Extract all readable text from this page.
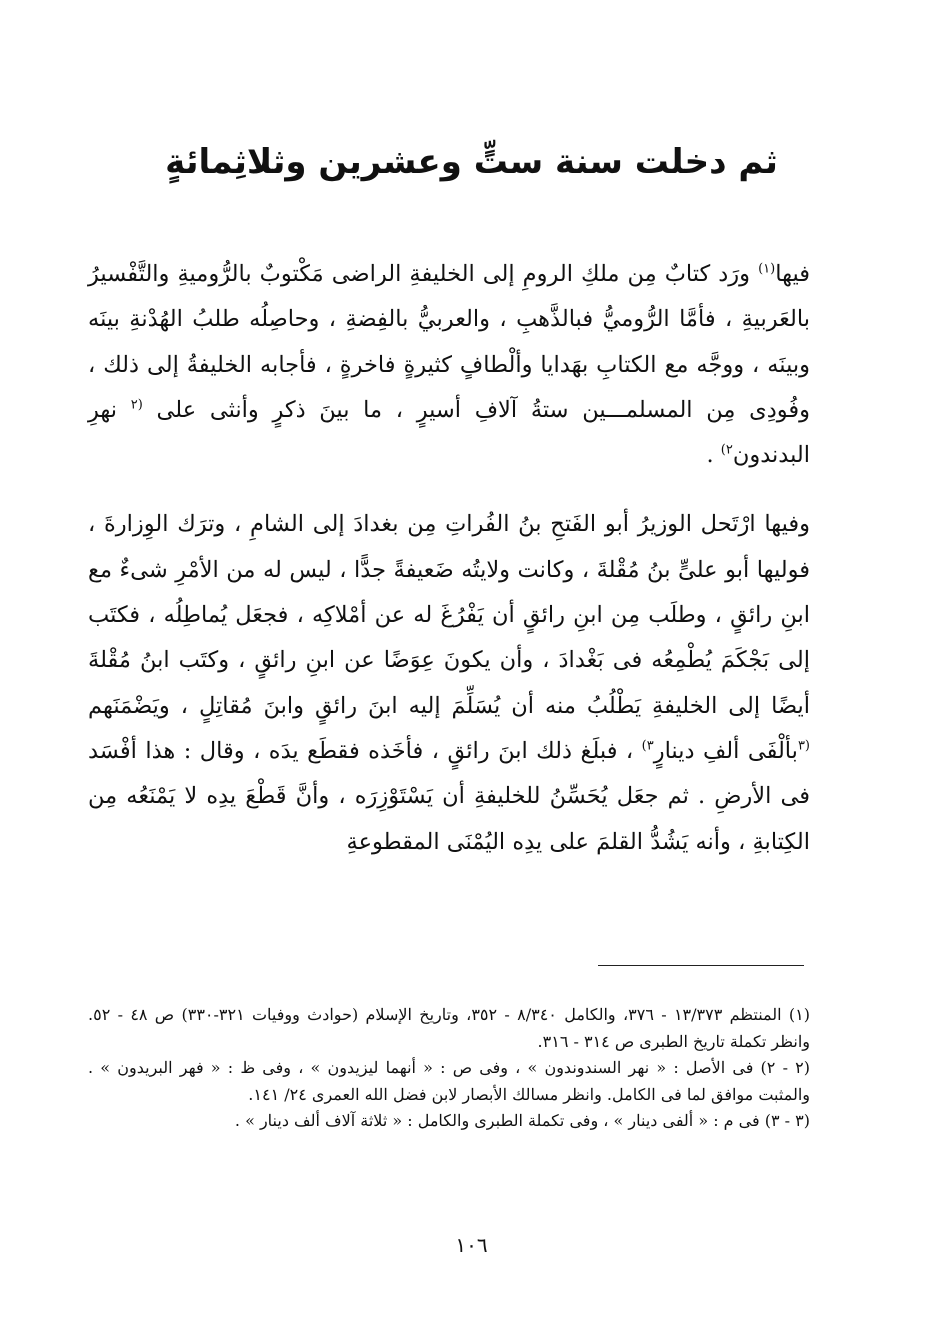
ثم دخلت سنة ستٍّ وعشرين وثلاثِمائةٍ

فيها$^{(١)}$ ورَد كتابٌ مِن ملكِ الرومِ إلى الخليفةِ الراضى مَكْتوبٌ بالرُّوميةِ والتَّفْسيرُ بالعَربيةِ ، فأمَّا الرُّوميُّ فبالذَّهبِ ، والعربيُّ بالفِضةِ ، وحاصِلُه طلبُ الهُدْنةِ بينَه وبينَه ، ووجَّه مع الكتابِ بهَدايا وألْطافٍ كثيرةٍ فاخرةٍ ، فأجابه الخليفةُ إلى ذلك ، وفُودِى مِن المسلمـــين ستةُ آلافِ أسيرٍ ، ما بينَ ذكرٍ وأنثى على $^{(٢}$ نهرِ البدندون$^{٢)}$ .

وفيها ارْتَحل الوزيرُ أبو الفَتحِ بنُ الفُراتِ مِن بغدادَ إلى الشامِ ، وترَك الوِزارةَ ، فوليها أبو علىٍّ بنُ مُقْلةَ ، وكانت ولايتُه ضَعيفةً جدًّا ، ليس له من الأمْرِ شىءٌ مع ابنِ رائقٍ ، وطلَب مِن ابنِ رائقٍ أن يَفْرُغَ له عن أمْلاكِه ، فجعَل يُماطِلُه ، فكتَب إلى بَجْكَمَ يُطْمِعُه فى بَغْدادَ ، وأن يكونَ عِوَضًا عن ابنِ رائقٍ ، وكتَب ابنُ مُقْلةَ أيضًا إلى الخليفةِ يَطْلُبُ منه أن يُسَلِّمَ إليه ابنَ رائقٍ وابنَ مُقاتِلٍ ، ويَضْمَنَهم $^{(٣}$بألْفَى ألفِ دينارٍ$^{٣)}$ ، فبلَغ ذلك ابنَ رائقٍ ، فأخَذه فقطَع يدَه ، وقال : هذا أفْسَد فى الأرضِ . ثم جعَل يُحَسِّنُ للخليفةِ أن يَسْتَوْزِرَه ، وأنَّ قَطْعَ يدِه لا يَمْنَعُه مِن الكِتابةِ ، وأنه يَشُدُّ القلمَ على يدِه اليُمْنَى المقطوعةِ

(١) المنتظم ١٣/٣٧٣ - ٣٧٦، والكامل ٨/٣٤٠ - ٣٥٢، وتاريخ الإسلام (حوادث ووفيات ٣٢١-٣٣٠) ص ٤٨ - ٥٢. وانظر تكملة تاريخ الطبرى ص ٣١٤ - ٣١٦.

(٢ - ٢) فى الأصل : « نهر السندوندون » ، وفى ص : « أنهما ليزيدون » ، وفى ظ : « فهر البريدون » . والمثبت موافق لما فى الكامل. وانظر مسالك الأبصار لابن فضل الله العمرى ٢٤/ ١٤١.

(٣ - ٣) فى م : « ألفى دينار » ، وفى تكملة الطبرى والكامل : « ثلاثة آلاف ألف دينار » .

١٠٦
